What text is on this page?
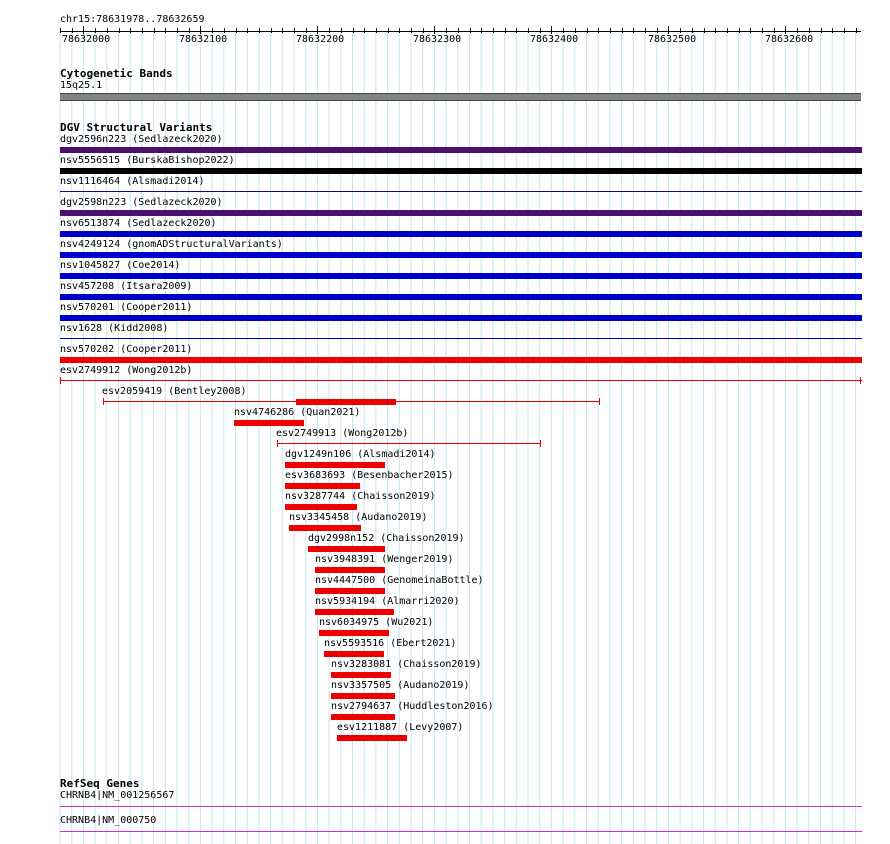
chr15:78631978..78632659
78632000	78632100	78632200	78632300	78632400	78632500	78632600
Cytogenetic Bands
15q25.1
DGV Structural Variants
dgv2596n223 (Sedlazeck2020)
nsv5556515 (BurskaBishop2022)
nsv1116464 (Alsmadi2014)
dgv2598n223 (Sedlazeck2020)
nsv6513874 (Sedlazeck2020)
nsv4249124 (gnomADStructuralVariants)
nsv1045827 (Coe2014)
nsv457208 (Itsara2009)
nsv570201 (Cooper2011)
nsv1628 (Kidd2008)
nsv570202 (Cooper2011)
esv2749912 (Wong2012b)
esv2059419 (Bentley2008)
nsv4746286 (Quan2021)
esv2749913 (Wong2012b)
dgv1249n106 (Alsmadi2014)
esv3683693 (Besenbacher2015)
nsv3287744 (Chaisson2019)
nsv3345458 (Audano2019)
dgv2998n152 (Chaisson2019)
nsv3948391 (Wenger2019)
nsv4447500 (GenomeinaBottle)
nsv5934194 (Almarri2020)
nsv6034975 (Wu2021)
nsv5593516 (Ebert2021)
nsv3283081 (Chaisson2019)
nsv3357505 (Audano2019)
nsv2794637 (Huddleston2016)
esv1211887 (Levy2007)
RefSeq Genes
CHRNB4|NM_001256567
CHRNB4|NM_000750
